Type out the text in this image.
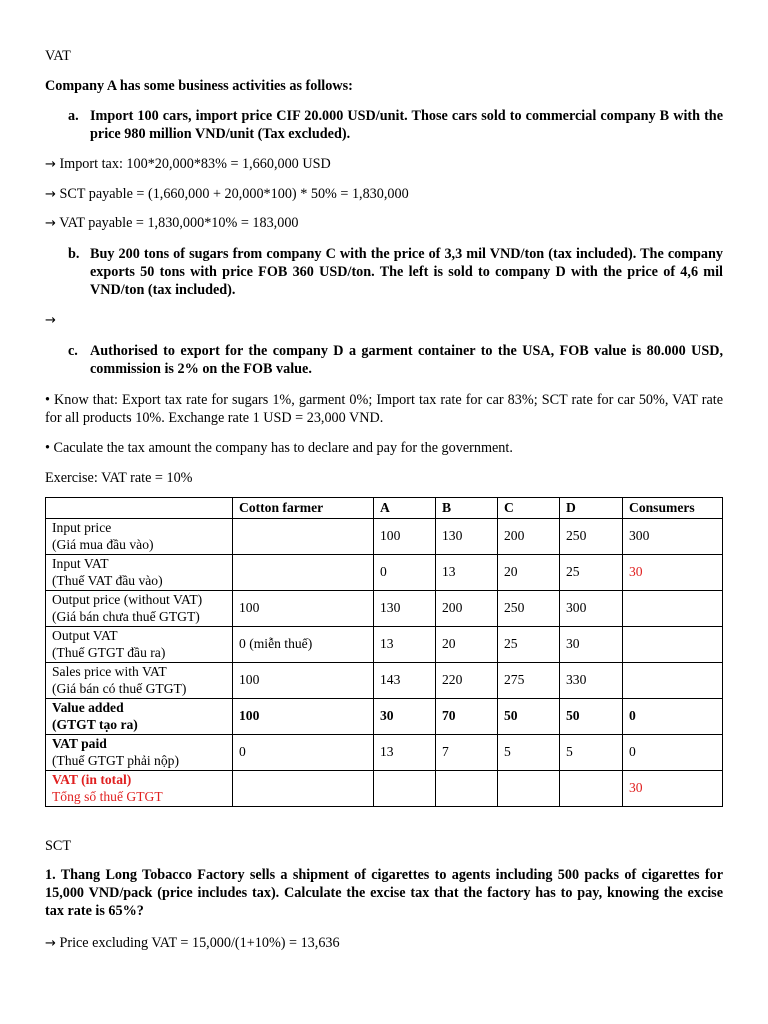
VAT
Company A has some business activities as follows:
a. Import 100 cars, import price CIF 20.000 USD/unit. Those cars sold to commercial company B with the price 980 million VND/unit (Tax excluded).
→ Import tax: 100*20,000*83% = 1,660,000 USD
→ SCT payable = (1,660,000 + 20,000*100) * 50% = 1,830,000
→ VAT payable = 1,830,000*10% = 183,000
b. Buy 200 tons of sugars from company C with the price of 3,3 mil VND/ton (tax included). The company exports 50 tons with price FOB 360 USD/ton. The left is sold to company D with the price of 4,6 mil VND/ton (tax included).
→
c. Authorised to export for the company D a garment container to the USA, FOB value is 80.000 USD, commission is 2% on the FOB value.
• Know that: Export tax rate for sugars 1%, garment 0%; Import tax rate for car 83%; SCT rate for car 50%, VAT rate for all products 10%. Exchange rate 1 USD = 23,000 VND.
• Caculate the tax amount the company has to declare and pay for the government.
Exercise: VAT rate = 10%
	Cotton farmer	A	B	C	D	Consumers

Input price
(Giá mua đầu vào)		100	130	200	250	300

Input VAT
(Thuế VAT đầu vào)		0	13	20	25	30

Output price (without VAT)
(Giá bán chưa thuế GTGT)	100	130	200	250	300	

Output VAT
(Thuế GTGT đầu ra)	0 (miễn thuế)	13	20	25	30	

Sales price with VAT
(Giá bán có thuế GTGT)	100	143	220	275	330	

Value added
(GTGT tạo ra)	100	30	70	50	50	0

VAT paid
(Thuế GTGT phải nộp)	0	13	7	5	5	0

VAT (in total)
Tổng số thuế GTGT						30
SCT
1. Thang Long Tobacco Factory sells a shipment of cigarettes to agents including 500 packs of cigarettes for 15,000 VND/pack (price includes tax). Calculate the excise tax that the factory has to pay, knowing the excise tax rate is 65%?
→ Price excluding VAT = 15,000/(1+10%) = 13,636
